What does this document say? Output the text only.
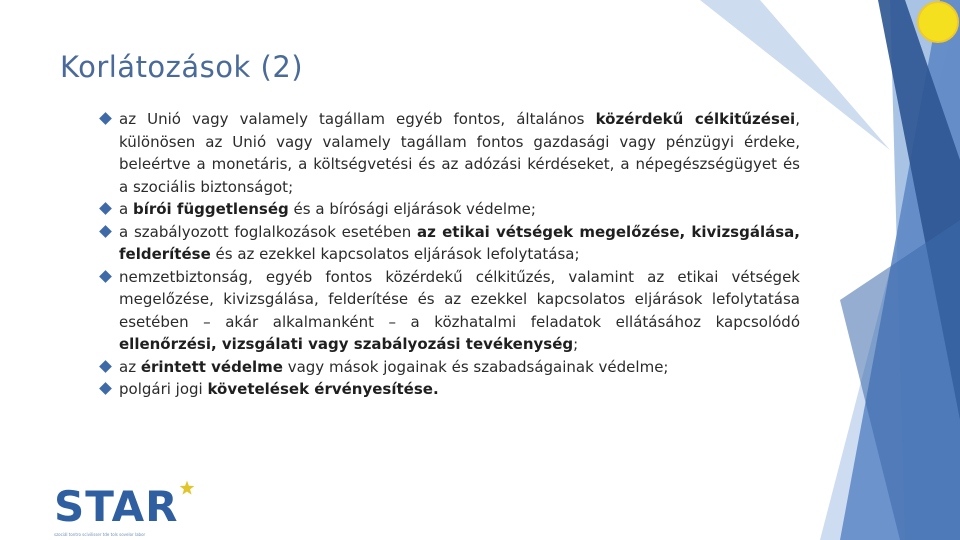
Korlátozások (2)
az Unió vagy valamely tagállam egyéb fontos, általános közérdekű célkitűzései, különösen az Unió vagy valamely tagállam fontos gazdasági vagy pénzügyi érdeke, beleértve a monetáris, a költségvetési és az adózási kérdéseket, a népegészségügyet és a szociális biztonságot;
a bírói függetlenség és a bírósági eljárások védelme;
a szabályozott foglalkozások esetében az etikai vétségek megelőzése, kivizsgálása, felderítése és az ezekkel kapcsolatos eljárások lefolytatása;
nemzetbiztonság, egyéb fontos közérdekű célkitűzés, valamint az etikai vétségek megelőzése, kivizsgálása, felderítése és az ezekkel kapcsolatos eljárások lefolytatása esetében – akár alkalmanként – a közhatalmi feladatok ellátásához kapcsolódó ellenőrzési, vizsgálati vagy szabályozási tevékenység;
az érintett védelme vagy mások jogainak és szabadságainak védelme;
polgári jogi követelések érvényesítése.
STAR
szociál tontro scivilisser tde tols sovelor labor
